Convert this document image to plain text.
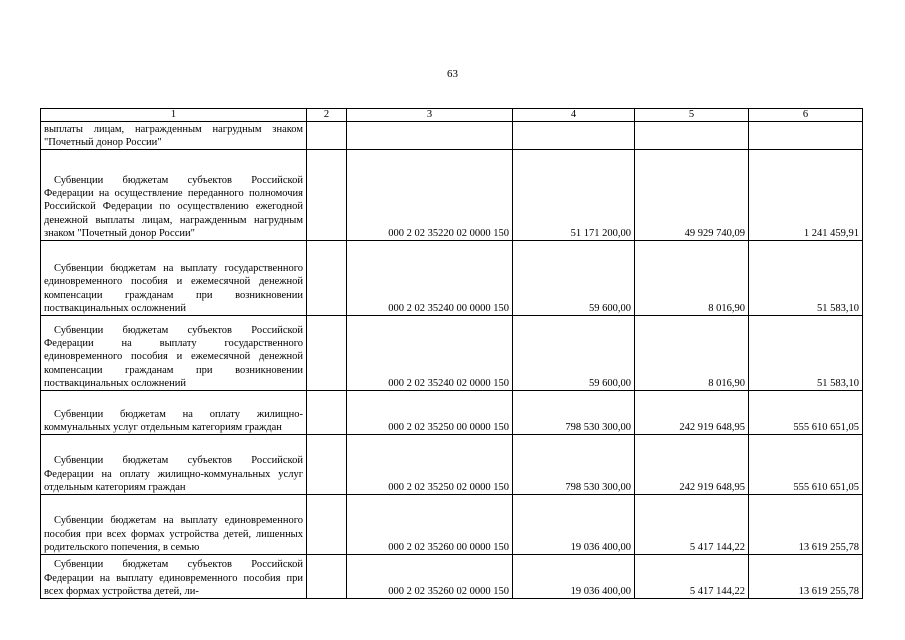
63
1	2	3	4	5	6
выплаты лицам, награжденным нагрудным знаком "Почетный донор России"					
Субвенции бюджетам субъектов Российской Федерации на осуществление переданного полномочия Российской Федерации по осуществлению ежегодной денежной выплаты лицам, награжденным нагрудным знаком "Почетный донор России"		000 2 02 35220 02 0000 150	51 171 200,00	49 929 740,09	1 241 459,91
Субвенции бюджетам на выплату государственного единовременного пособия и ежемесячной денежной компенсации гражданам при возникновении поствакцинальных осложнений		000 2 02 35240 00 0000 150	59 600,00	8 016,90	51 583,10
Субвенции бюджетам субъектов Российской Федерации на выплату государственного единовременного пособия и ежемесячной денежной компенсации гражданам при возникновении поствакцинальных осложнений		000 2 02 35240 02 0000 150	59 600,00	8 016,90	51 583,10
Субвенции бюджетам на оплату жилищно-коммунальных услуг отдельным категориям граждан		000 2 02 35250 00 0000 150	798 530 300,00	242 919 648,95	555 610 651,05
Субвенции бюджетам субъектов Российской Федерации на оплату жилищно-коммунальных услуг отдельным категориям граждан		000 2 02 35250 02 0000 150	798 530 300,00	242 919 648,95	555 610 651,05
Субвенции бюджетам на выплату единовременного пособия при всех формах устройства детей, лишенных родительского попечения, в семью		000 2 02 35260 00 0000 150	19 036 400,00	5 417 144,22	13 619 255,78
Субвенции бюджетам субъектов Российской Федерации на выплату единовременного пособия при всех формах устройства детей, ли-		000 2 02 35260 02 0000 150	19 036 400,00	5 417 144,22	13 619 255,78
